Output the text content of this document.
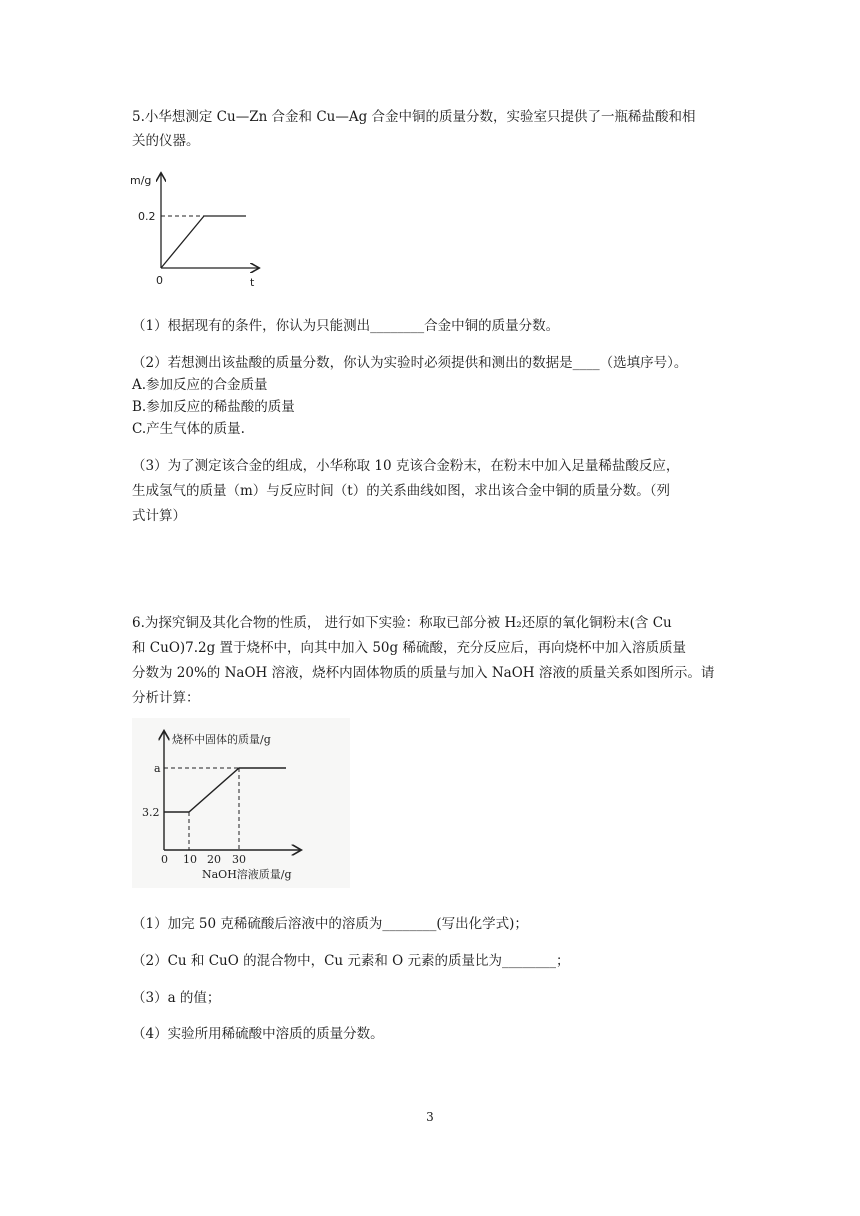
5.小华想测定 Cu—Zn 合金和 Cu—Ag 合金中铜的质量分数，实验室只提供了一瓶稀盐酸和相
关的仪器。
m/g
t
0
0.2
（1）根据现有的条件，你认为只能测出________合金中铜的质量分数。
（2）若想测出该盐酸的质量分数，你认为实验时必须提供和测出的数据是____（选填序号）。
A.参加反应的合金质量
B.参加反应的稀盐酸的质量
C.产生气体的质量.
（3）为了测定该合金的组成，小华称取 10 克该合金粉末，在粉末中加入足量稀盐酸反应，
生成氢气的质量（m）与反应时间（t）的关系曲线如图，求出该合金中铜的质量分数。（列
式计算）
6.为探究铜及其化合物的性质， 进行如下实验：称取已部分被 H₂还原的氧化铜粉末(含 Cu
和 CuO)7.2g 置于烧杯中，向其中加入 50g 稀硫酸，充分反应后，再向烧杯中加入溶质质量
分数为 20%的 NaOH 溶液，烧杯内固体物质的质量与加入 NaOH 溶液的质量关系如图所示。请
分析计算：
烧杯中固体的质量/g
NaOH溶液质量/g
a
3.2
0 10 20 30
（1）加完 50 克稀硫酸后溶液中的溶质为________(写出化学式)；
（2）Cu 和 CuO 的混合物中，Cu 元素和 O 元素的质量比为________；
（3）a 的值；
（4）实验所用稀硫酸中溶质的质量分数。
3
